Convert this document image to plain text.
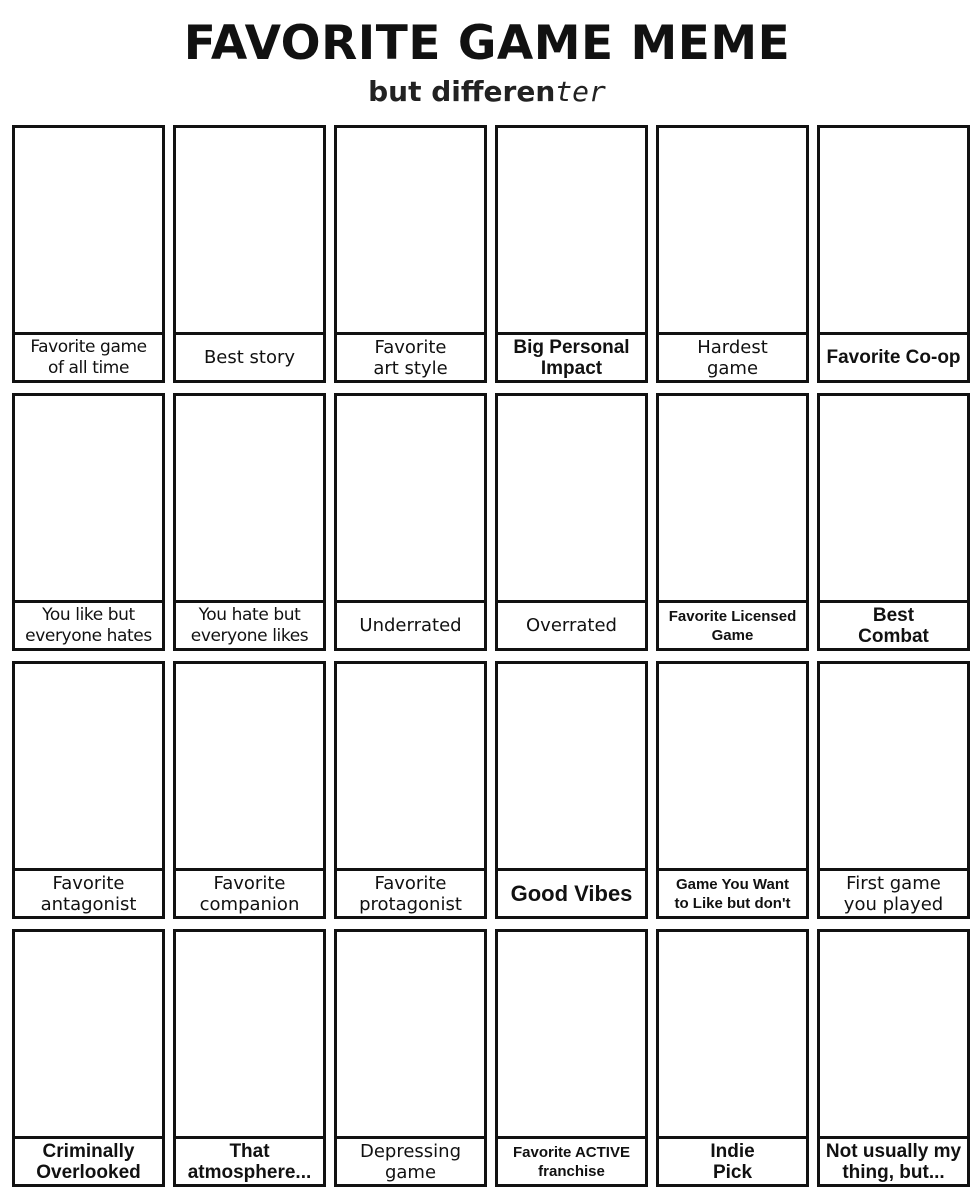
FAVORITE GAME MEME
but differenter
Favorite game
of all time	Best story	Favorite
art style
Big Personal
Impact
Hardest
game	Favorite Co-op
You like but
everyone hates
You hate but
everyone likes	Underrated	Overrated	Favorite Licensed
Game
Best
Combat
Favorite
antagonist
Favorite
companion
Favorite
protagonist	Good Vibes	Game You Want
to Like but don't
First game
you played
Criminally
Overlooked
That
atmosphere...
Depressing
game
Favorite ACTIVE
franchise
Indie
Pick
Not usually my
thing, but...
